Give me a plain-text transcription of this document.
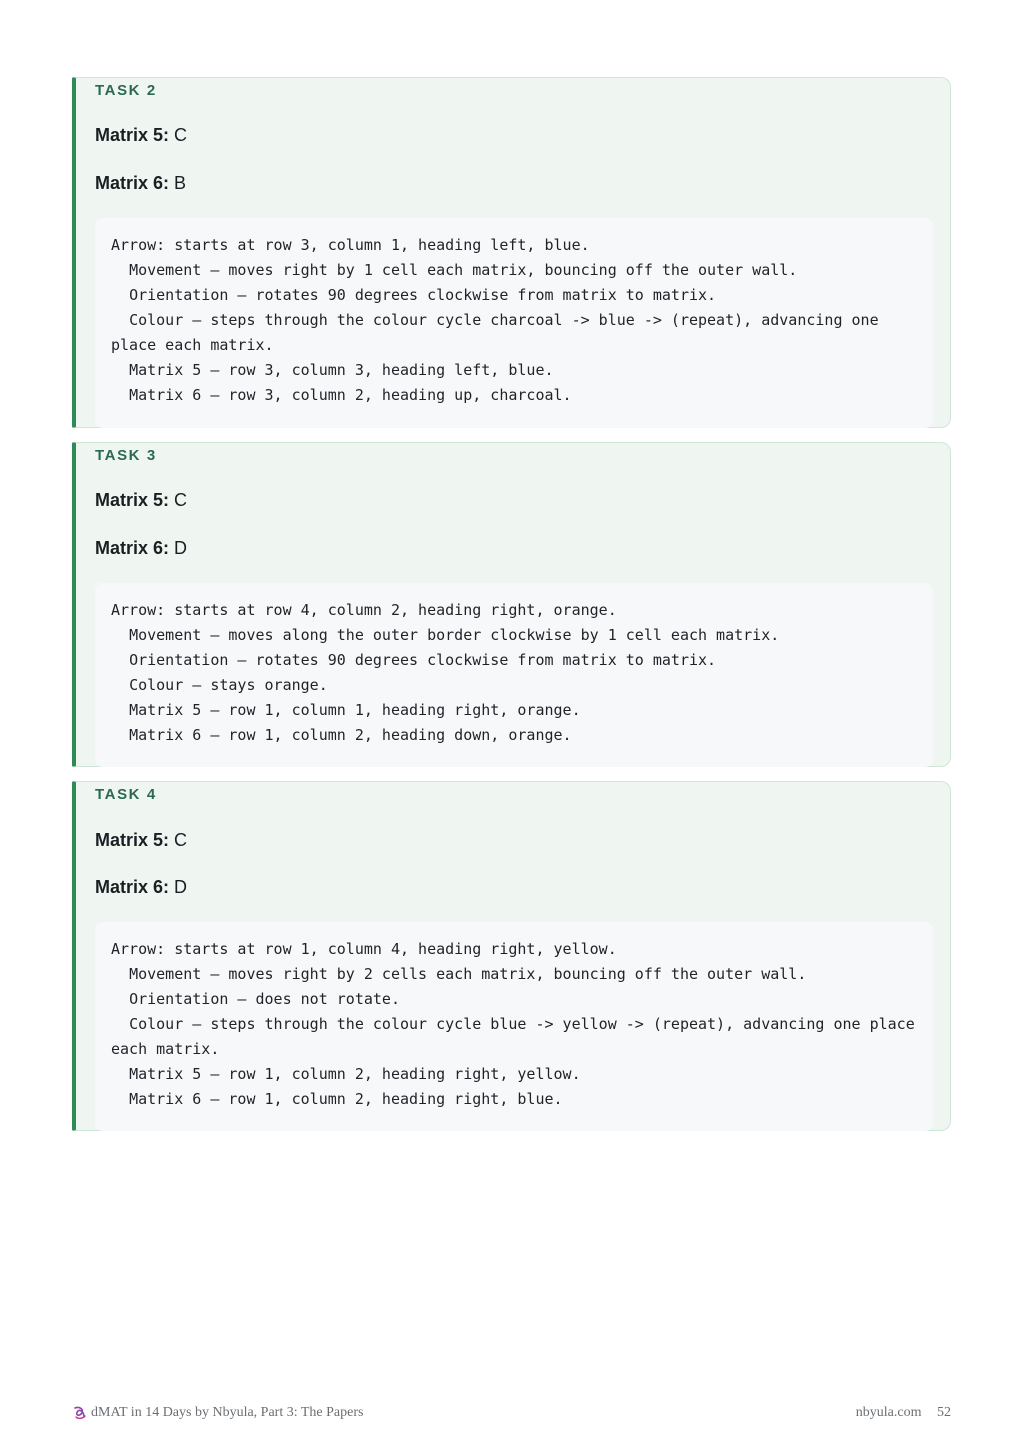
TASK 2
Matrix 5: C
Matrix 6: B
Arrow: starts at row 3, column 1, heading left, blue.
Movement – moves right by 1 cell each matrix, bouncing off the outer wall.
Orientation – rotates 90 degrees clockwise from matrix to matrix.
Colour – steps through the colour cycle charcoal -> blue -> (repeat), advancing one place each matrix.
Matrix 5 – row 3, column 3, heading left, blue.
Matrix 6 – row 3, column 2, heading up, charcoal.
TASK 3
Matrix 5: C
Matrix 6: D
Arrow: starts at row 4, column 2, heading right, orange.
Movement – moves along the outer border clockwise by 1 cell each matrix.
Orientation – rotates 90 degrees clockwise from matrix to matrix.
Colour – stays orange.
Matrix 5 – row 1, column 1, heading right, orange.
Matrix 6 – row 1, column 2, heading down, orange.
TASK 4
Matrix 5: C
Matrix 6: D
Arrow: starts at row 1, column 4, heading right, yellow.
Movement – moves right by 2 cells each matrix, bouncing off the outer wall.
Orientation – does not rotate.
Colour – steps through the colour cycle blue -> yellow -> (repeat), advancing one place each matrix.
Matrix 5 – row 1, column 2, heading right, yellow.
Matrix 6 – row 1, column 2, heading right, blue.
dMAT in 14 Days by Nbyula, Part 3: The Papers	nbyula.com 52
